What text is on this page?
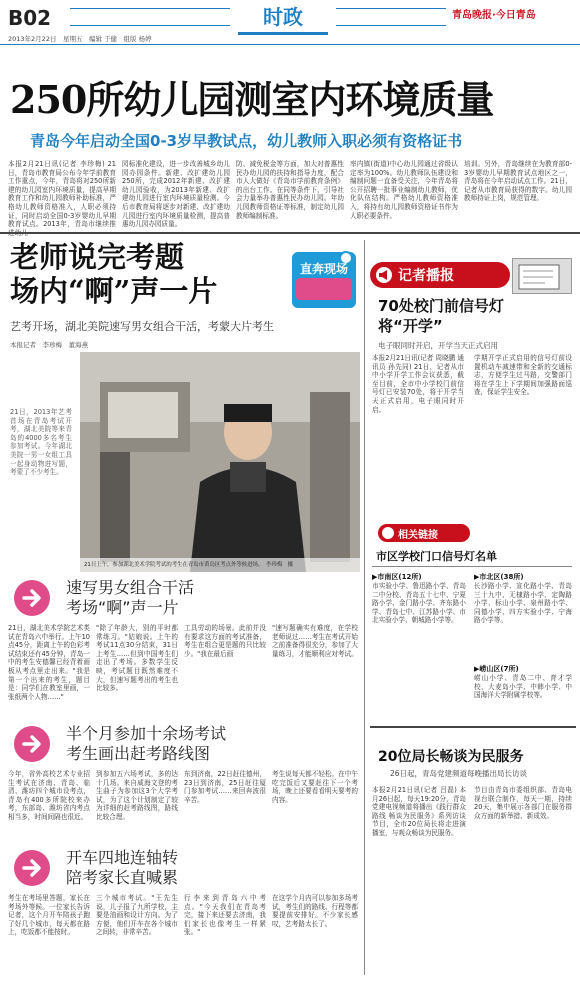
B02	时政	青岛晚报·今日青岛
2013年2月22日　星期五　编辑 于健　组版 杨婷
250所幼儿园测室内环境质量
青岛今年启动全国0-3岁早教试点，幼儿教师入职必须有资格证书
本报2月21日讯(记者 李珍梅) 21日，青岛市教育局公布今年学前教育工作重点，今年，青岛将对250所新建的幼儿园室内环境质量，提高早期教育工作和幼儿园教师补助标准，严格幼儿教师资格准入，人职必须持证，同时启动全国0-3岁婴幼儿早期教育试点。2013年，青岛市继续推
园标准化建设，进一步改善城乡幼儿园办园条件。新建、改扩建幼儿园250所，完成2012年新建、改扩建幼儿园验收，为2013年新建、改扩建幼儿园进行室内环境质量检测。今后市教育局将逐步对新建、改扩建幼儿园进行室内环境质量检测，提高普惠幼儿园办园质量。
防、减免税金等方面，加大对普惠性民办幼儿园的扶持和指导力度，配合市人大做好《青岛市学前教育条例》的出台工作。在同等条件下，引导社会力量举办普惠性民办幼儿园。年幼儿园教师资格证等标准，制定幼儿园教师编制标准。
率内镇(街道)中心幼儿园通过省级认定率为100%。幼儿教师队伍建设和编制问题一直备受关注，今年青岛将公开招聘一批事业编制幼儿教师，优化队伍结构。严格幼儿教师资格准入，将持有幼儿园教师资格证书作为人职必要条件。
培训。另外，青岛继续在为教育部0-3岁婴幼儿早期教育试点地区之一，青岛将在今年启动试点工作。21日，记者从市教育局获得的数字。幼儿园教师持证上岗，规范管理。
老师说完考题
场内“啊”声一片
直奔现场
艺考开场，湖北美院速写男女组合干活，考蒙大片考生
本报记者　李珍梅　董海燕
21日，2013年艺考首场在青岛考试开考，湖北美院等来青岛的4000多名考生参加考试。今年湖北美院一男一女组工具一起身动物进写题，考蒙了不少考生。
21日上午，参加湖北美术学院考试的考生在青岛市黄岛区考点外等候进场。　李珍梅　摄
速写男女组合干活
考场“啊”声一片
21日，湖北美术学院艺术类试在青岛六中举行。上午10点45分，距离上午的色彩考试结束还有45分钟，青岛一中的考生安德馨已经背着画板从考点里走出来。"我是第一个出来的考生，题目是：同学们在教室里画，一张纸两个人物……"
"除了年龄大，别的平时都常练习。"姑娘说。上午的考试11点30分结束，31日上考生……但到中国考生们走出了考场。多数学生反映，考试题目既然难度不大，但速写题考出的考生也比较多。
工具劳动的场景。此前并没有要求这方面的考试准备，考生在组合更是题的只比较少。"我在最后画
"速写题确实有难度，在学校老师说过……考生在考试开始之前准备得很充分，参加了大量练习，才能顺利应对考试。
半个月参加十余场考试
考生画出赶考路线图
今年，省外高校艺术专业招生考试在济南、青岛、临清、潍坊四个城市设考点，青岛有400多所院校来办考，东部岛、潍坊省内考点相当多，时间间隔也很近。
到参加五六场考试，多的达十几场。来自威海文登的考生曲子为参加这3个大学考试，为了这个计划制定了较为详细的赶考路线图，路线比较合理。
东到济南，22日赶往德州，23日到济南，25日赶往厦门参加考试……来回奔波很辛苦。
考生说每天都不轻松。在中午吃完饭后又要赶往下一个考场，晚上还要看看明天要考的内容。
开车四地连轴转
陪考家长直喊累
考生在考场里答题，家长在考场外等候。一位家长告诉记者，这个月开车陪孩子跑了好几个城市，每天都在路上，吃饭都不能按时。
三个城市考试。"王先生说，儿子报了九所学校，主要是油画和设计方向。为了方便，他们开车在各个城市之间转，非常辛苦。
行李来到青岛六中考点。"今天我们在青岛考完，接下来还要去济南，我们家长也像考生一样紧张。"
在这学个月内可以参加多场考试，考生们的路线、行程等都要提前安排好。不少家长感叹，艺考路太长了。
记者播报
70处校门前信号灯
将“开学”
电子眼同时开启，开学当天正式启用
本报2月21日讯(记者 周晓鹏 通讯员 孙先同) 21日，记者从市中小学开学工作会议获悉，截至目前，全市中小学校门前信号灯已安装70处，将于开学当天正式启用，电子眼同时开启。
学期开学正式启用的信号灯前设置机动车减速带和全新的交通标志，方便学生过马路，交警部门将在学生上下学期间加强路面巡查，保证学生安全。
相关链接
市区学校门口信号灯名单
▶市南区(12所)
市实验小学、鲁迅路小学、青岛二中分校、青岛五十七中、宁夏路小学、金门路小学、齐东路小学、青岛七中、江苏路小学、市北实验小学、朝城路小学等。
▶市北区(38所)
长沙路小学、宣化路小学、青岛三十九中、无棣路小学、定陶路小学、标山小学、泉州路小学、同德小学、四方实验小学、宁海路小学等。
▶崂山区(7所)
崂山小学、青岛二中、育才学校、大麦岛小学、中韩小学、中国海洋大学附属学校等。
20位局长畅谈为民服务
26日起，青岛党建频道每晚播出局长访谈
本报2月21日讯(记者 吕磊) 本月26日起，每天19:20分，青岛党建电视频道将播出《践行群众路线 畅谈为民服务》系列访谈节目，全市20位局长将走进演播室，与观众畅谈为民服务。
节目由青岛市委组织部、青岛电视台联合制作，每天一期，持续20天，集中展示各部门在服务群众方面的新举措、新成效。
